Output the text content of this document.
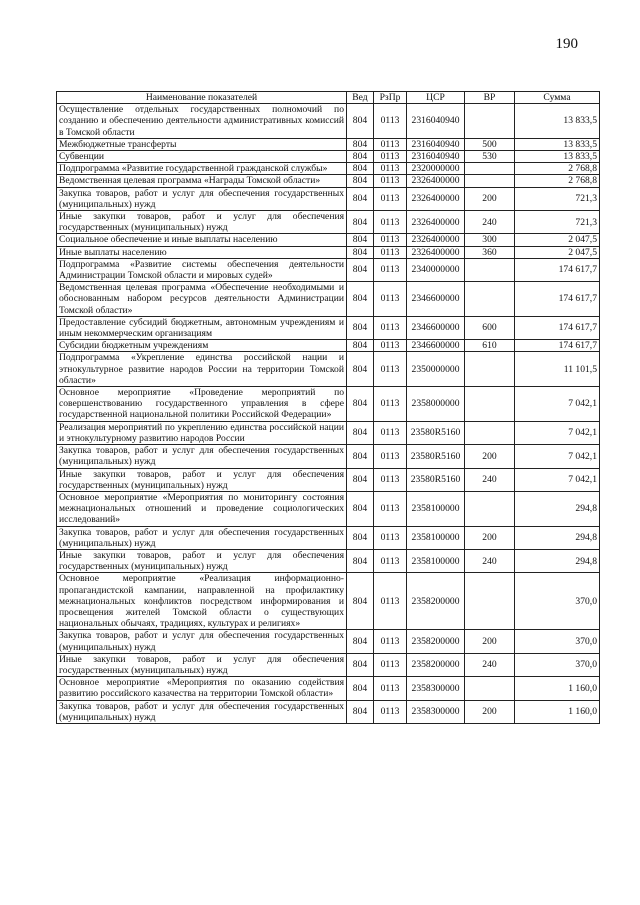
190
Наименование показателей	Вед	РзПр	ЦСР	ВР	Сумма
Осуществление отдельных государственных полномочий по созданию и обеспечению деятельности административных комиссий в Томской области	804	0113	2316040940		13 833,5
Межбюджетные трансферты	804	0113	2316040940	500	13 833,5
Субвенции	804	0113	2316040940	530	13 833,5
Подпрограмма «Развитие государственной гражданской службы»	804	0113	2320000000		2 768,8
Ведомственная целевая программа «Награды Томской области»	804	0113	2326400000		2 768,8
Закупка товаров, работ и услуг для обеспечения государственных (муниципальных) нужд	804	0113	2326400000	200	721,3
Иные закупки товаров, работ и услуг для обеспечения государственных (муниципальных) нужд	804	0113	2326400000	240	721,3
Социальное обеспечение и иные выплаты населению	804	0113	2326400000	300	2 047,5
Иные выплаты населению	804	0113	2326400000	360	2 047,5
Подпрограмма «Развитие системы обеспечения деятельности Администрации Томской области и мировых судей»	804	0113	2340000000		174 617,7
Ведомственная целевая программа «Обеспечение необходимыми и обоснованным набором ресурсов деятельности Администрации Томской области»	804	0113	2346600000		174 617,7
Предоставление субсидий бюджетным, автономным учреждениям и иным некоммерческим организациям	804	0113	2346600000	600	174 617,7
Субсидии бюджетным учреждениям	804	0113	2346600000	610	174 617,7
Подпрограмма «Укрепление единства российской нации и этнокультурное развитие народов России на территории Томской области»	804	0113	2350000000		11 101,5
Основное мероприятие «Проведение мероприятий по совершенствованию государственного управления в сфере государственной национальной политики Российской Федерации»	804	0113	2358000000		7 042,1
Реализация мероприятий по укреплению единства российской нации и этнокультурному развитию народов России	804	0113	23580R5160		7 042,1
Закупка товаров, работ и услуг для обеспечения государственных (муниципальных) нужд	804	0113	23580R5160	200	7 042,1
Иные закупки товаров, работ и услуг для обеспечения государственных (муниципальных) нужд	804	0113	23580R5160	240	7 042,1
Основное мероприятие «Мероприятия по мониторингу состояния межнациональных отношений и проведение социологических исследований»	804	0113	2358100000		294,8
Закупка товаров, работ и услуг для обеспечения государственных (муниципальных) нужд	804	0113	2358100000	200	294,8
Иные закупки товаров, работ и услуг для обеспечения государственных (муниципальных) нужд	804	0113	2358100000	240	294,8
Основное мероприятие «Реализация информационно-пропагандистской кампании, направленной на профилактику межнациональных конфликтов посредством информирования и просвещения жителей Томской области о существующих национальных обычаях, традициях, культурах и религиях»	804	0113	2358200000		370,0
Закупка товаров, работ и услуг для обеспечения государственных (муниципальных) нужд	804	0113	2358200000	200	370,0
Иные закупки товаров, работ и услуг для обеспечения государственных (муниципальных) нужд	804	0113	2358200000	240	370,0
Основное мероприятие «Мероприятия по оказанию содействия развитию российского казачества на территории Томской области»	804	0113	2358300000		1 160,0
Закупка товаров, работ и услуг для обеспечения государственных (муниципальных) нужд	804	0113	2358300000	200	1 160,0
